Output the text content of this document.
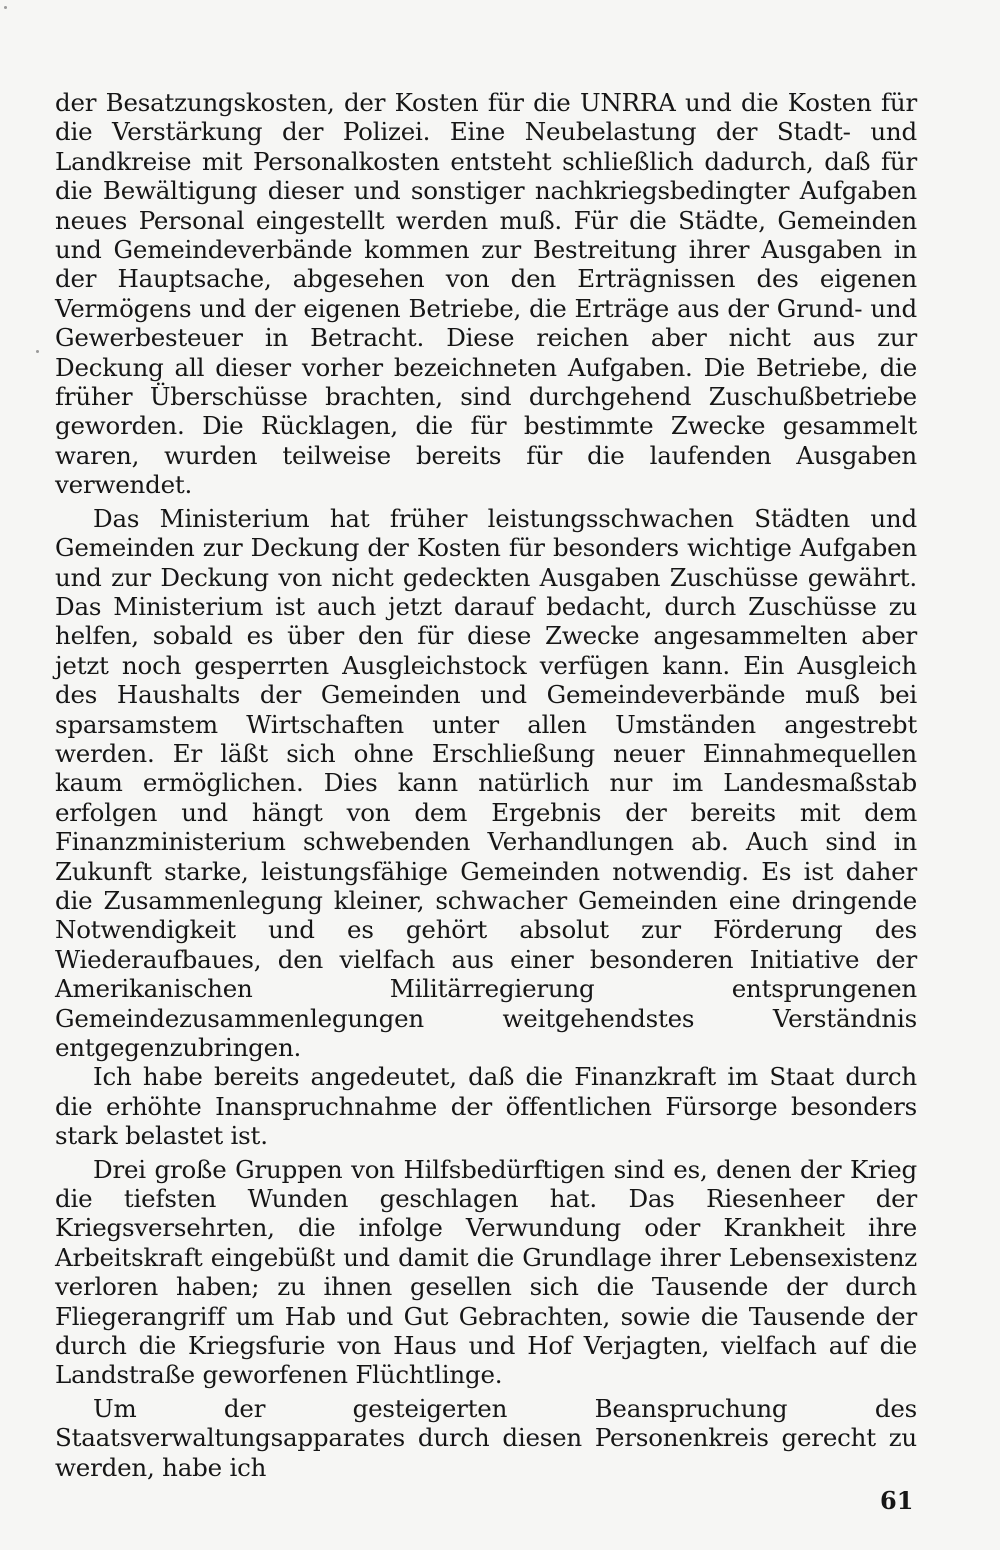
der Besatzungskosten, der Kosten für die UNRRA und die Kosten für die Verstärkung der Polizei. Eine Neubelastung der Stadt- und Landkreise mit Personalkosten entsteht schließlich dadurch, daß für die Bewältigung dieser und sonstiger nachkriegsbedingter Aufgaben neues Personal eingestellt werden muß. Für die Städte, Gemeinden und Gemeindeverbände kommen zur Bestreitung ihrer Ausgaben in der Hauptsache, abgesehen von den Erträgnissen des eigenen Vermögens und der eigenen Betriebe, die Erträge aus der Grund- und Gewerbesteuer in Betracht. Diese reichen aber nicht aus zur Deckung all dieser vorher bezeichneten Aufgaben. Die Betriebe, die früher Überschüsse brachten, sind durchgehend Zuschußbetriebe geworden. Die Rücklagen, die für bestimmte Zwecke gesammelt waren, wurden teilweise bereits für die laufenden Ausgaben verwendet.

Das Ministerium hat früher leistungsschwachen Städten und Gemeinden zur Deckung der Kosten für besonders wichtige Aufgaben und zur Deckung von nicht gedeckten Ausgaben Zuschüsse gewährt. Das Ministerium ist auch jetzt darauf bedacht, durch Zuschüsse zu helfen, sobald es über den für diese Zwecke angesammelten aber jetzt noch gesperrten Ausgleichstock verfügen kann. Ein Ausgleich des Haushalts der Gemeinden und Gemeindeverbände muß bei sparsamstem Wirtschaften unter allen Umständen angestrebt werden. Er läßt sich ohne Erschließung neuer Einnahmequellen kaum ermöglichen. Dies kann natürlich nur im Landesmaßstab erfolgen und hängt von dem Ergebnis der bereits mit dem Finanzministerium schwebenden Verhandlungen ab. Auch sind in Zukunft starke, leistungsfähige Gemeinden notwendig. Es ist daher die Zusammenlegung kleiner, schwacher Gemeinden eine dringende Notwendigkeit und es gehört absolut zur Förderung des Wiederaufbaues, den vielfach aus einer besonderen Initiative der Amerikanischen Militärregierung entsprungenen Gemeindezusammenlegungen weitgehendstes Verständnis entgegenzubringen.

Ich habe bereits angedeutet, daß die Finanzkraft im Staat durch die erhöhte Inanspruchnahme der öffentlichen Fürsorge besonders stark belastet ist.

Drei große Gruppen von Hilfsbedürftigen sind es, denen der Krieg die tiefsten Wunden geschlagen hat. Das Riesenheer der Kriegsversehrten, die infolge Verwundung oder Krankheit ihre Arbeitskraft eingebüßt und damit die Grundlage ihrer Lebensexistenz verloren haben; zu ihnen gesellen sich die Tausende der durch Fliegerangriff um Hab und Gut Gebrachten, sowie die Tausende der durch die Kriegsfurie von Haus und Hof Verjagten, vielfach auf die Landstraße geworfenen Flüchtlinge.

Um der gesteigerten Beanspruchung des Staatsverwaltungsapparates durch diesen Personenkreis gerecht zu werden, habe ich

61
